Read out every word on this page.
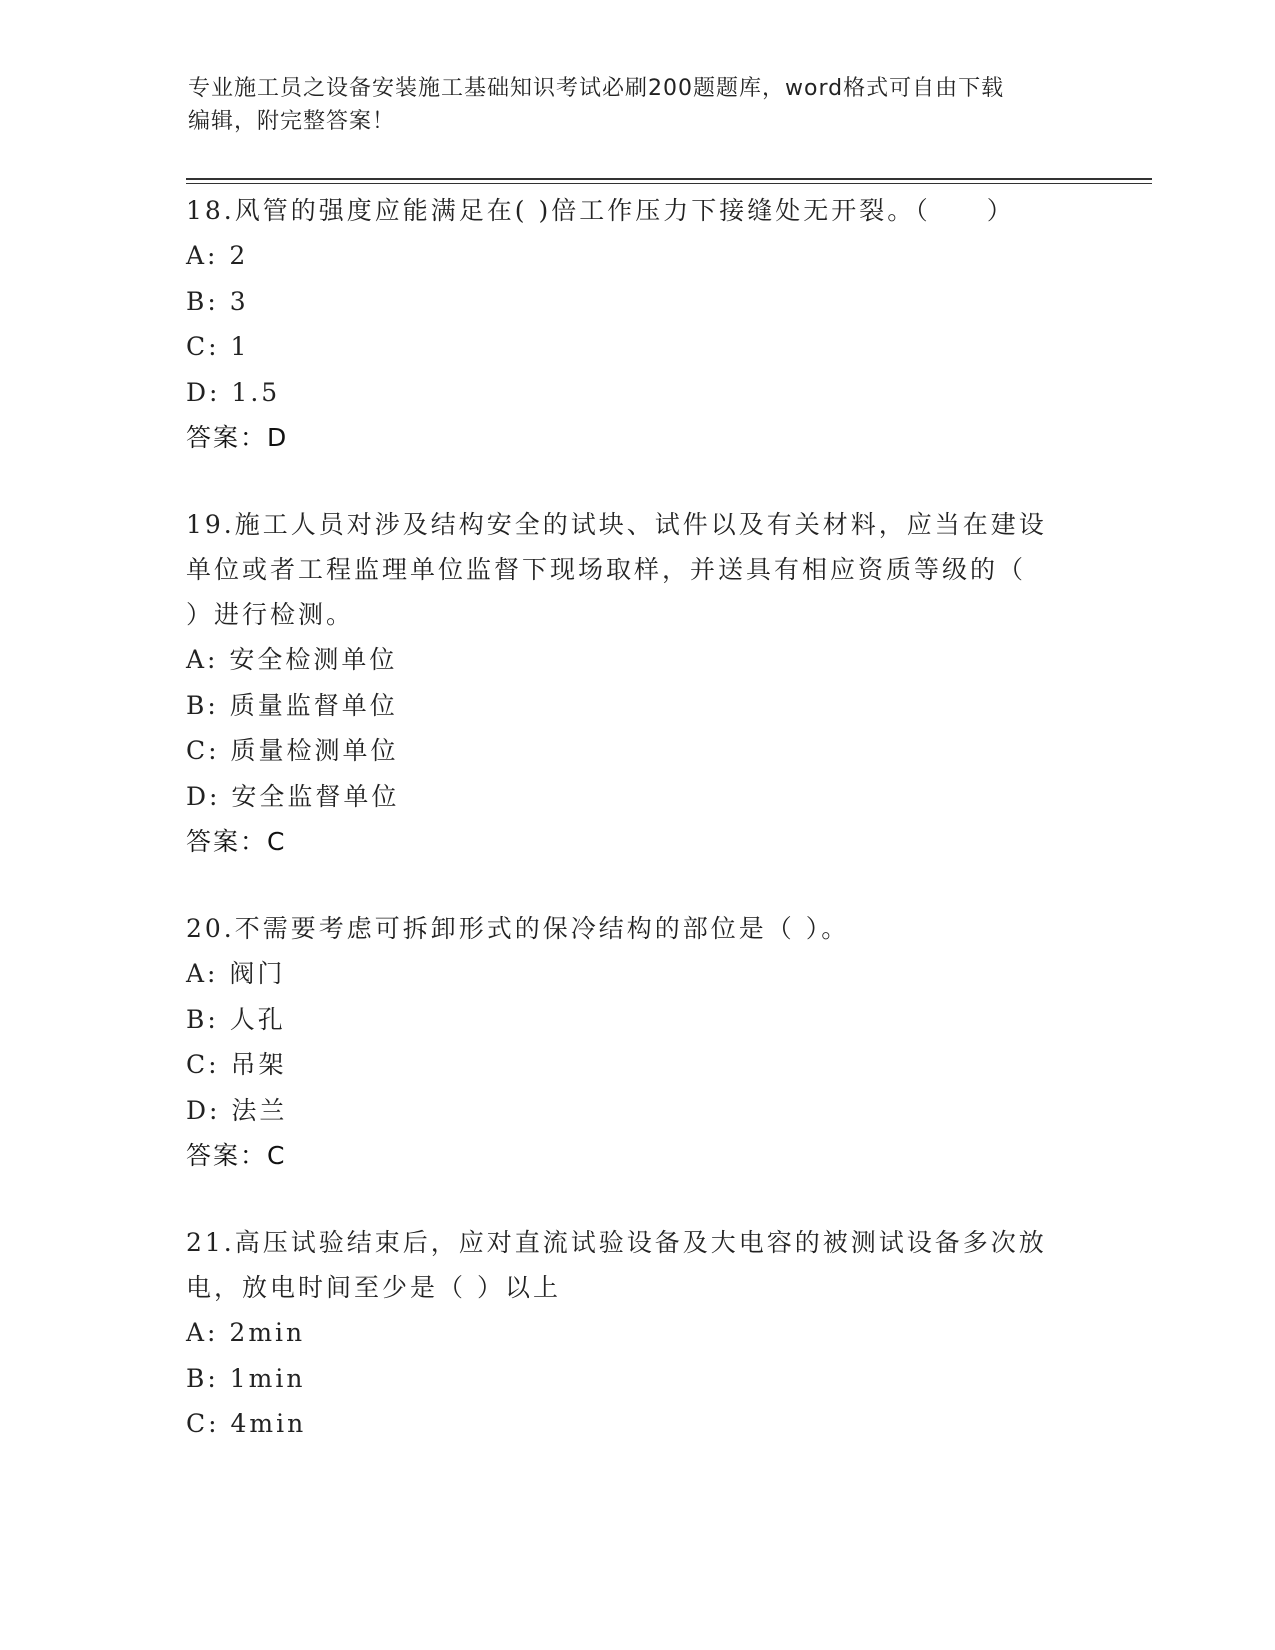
专业施工员之设备安装施工基础知识考试必刷200题题库，word格式可自由下载
编辑，附完整答案！
18.风管的强度应能满足在( )倍工作压力下接缝处无开裂。（　　）
A: 2
B: 3
C: 1
D: 1.5
答案：D
19.施工人员对涉及结构安全的试块、试件以及有关材料，应当在建设
单位或者工程监理单位监督下现场取样，并送具有相应资质等级的（
）进行检测。
A: 安全检测单位
B: 质量监督单位
C: 质量检测单位
D: 安全监督单位
答案：C
20.不需要考虑可拆卸形式的保冷结构的部位是（ ）。
A: 阀门
B: 人孔
C: 吊架
D: 法兰
答案：C
21.高压试验结束后，应对直流试验设备及大电容的被测试设备多次放
电，放电时间至少是（ ）以上
A: 2min
B: 1min
C: 4min
